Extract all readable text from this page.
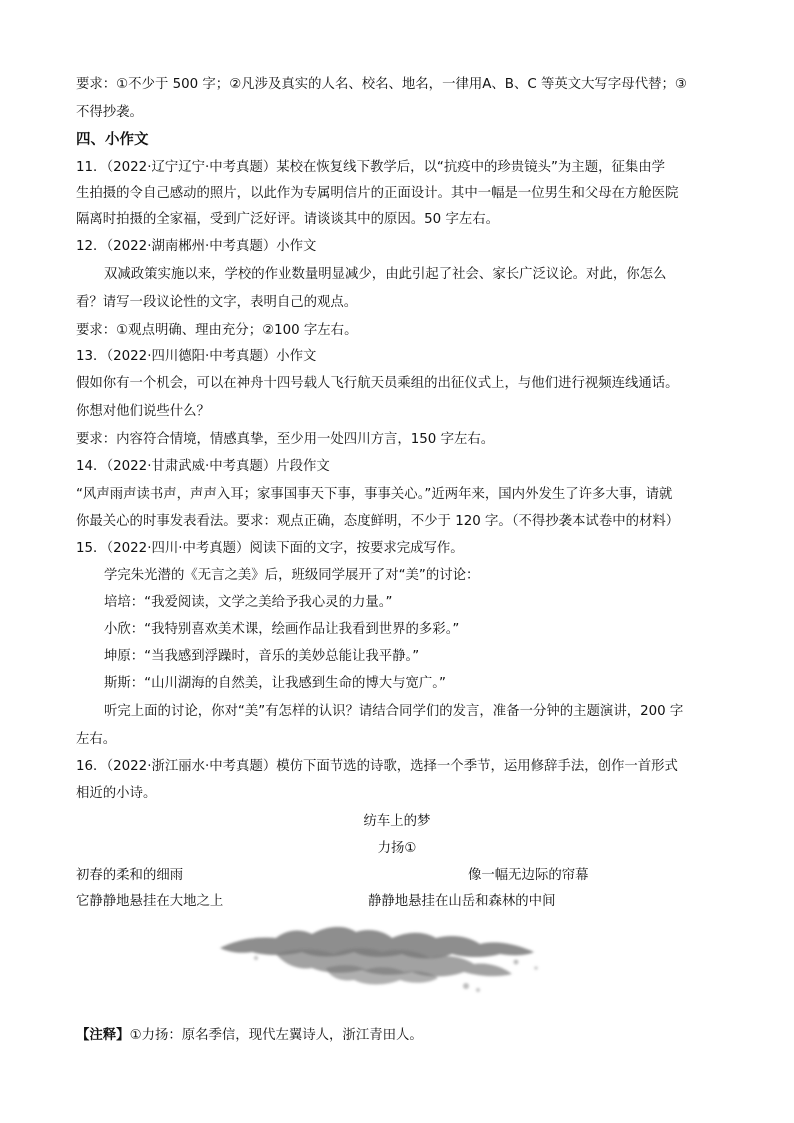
要求：①不少于 500 字；②凡涉及真实的人名、校名、地名，一律用A、B、C 等英文大写字母代替；③
不得抄袭。
四、小作文
11．（2022·辽宁辽宁·中考真题）某校在恢复线下教学后，以“抗疫中的珍贵镜头”为主题，征集由学
生拍摄的令自己感动的照片，以此作为专属明信片的正面设计。其中一幅是一位男生和父母在方舱医院
隔离时拍摄的全家福，受到广泛好评。请谈谈其中的原因。50 字左右。
12．（2022·湖南郴州·中考真题）小作文
双减政策实施以来，学校的作业数量明显减少，由此引起了社会、家长广泛议论。对此，你怎么
看？请写一段议论性的文字，表明自己的观点。
要求：①观点明确、理由充分；②100 字左右。
13．（2022·四川德阳·中考真题）小作文
假如你有一个机会，可以在神舟十四号载人飞行航天员乘组的出征仪式上，与他们进行视频连线通话。
你想对他们说些什么？
要求：内容符合情境，情感真挚，至少用一处四川方言，150 字左右。
14．（2022·甘肃武威·中考真题）片段作文
“风声雨声读书声，声声入耳；家事国事天下事，事事关心。”近两年来，国内外发生了许多大事，请就
你最关心的时事发表看法。要求：观点正确，态度鲜明，不少于 120 字。（不得抄袭本试卷中的材料）
15．（2022·四川·中考真题）阅读下面的文字，按要求完成写作。
学完朱光潜的《无言之美》后，班级同学展开了对“美”的讨论：
培培：“我爱阅读，文学之美给予我心灵的力量。”
小欣：“我特别喜欢美术课，绘画作品让我看到世界的多彩。”
坤原：“当我感到浮躁时，音乐的美妙总能让我平静。”
斯斯：“山川湖海的自然美，让我感到生命的博大与宽广。”
听完上面的讨论，你对“美”有怎样的认识？请结合同学们的发言，准备一分钟的主题演讲，200 字
左右。
16．（2022·浙江丽水·中考真题）模仿下面节选的诗歌，选择一个季节，运用修辞手法，创作一首形式
相近的小诗。
纺车上的梦
力扬①
初春的柔和的细雨	像一幅无边际的帘幕
它静静地悬挂在大地之上	静静地悬挂在山岳和森林的中间
【注释】①力扬：原名季信，现代左翼诗人，浙江青田人。
